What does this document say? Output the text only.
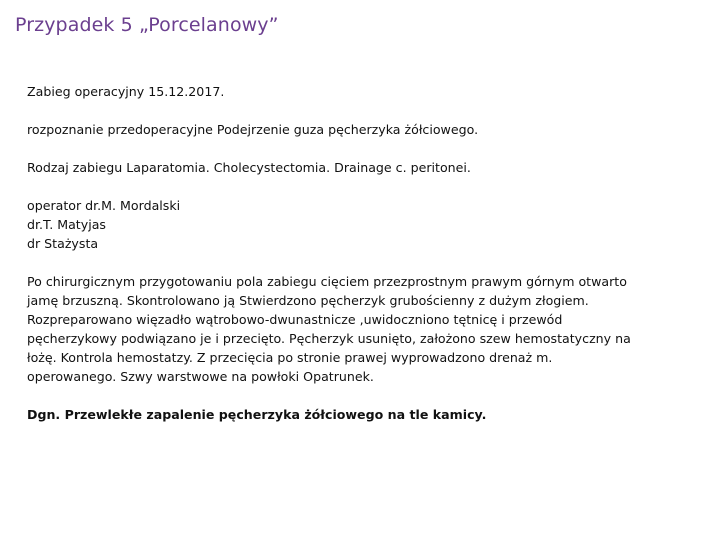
Przypadek 5 „Porcelanowy”

Zabieg operacyjny 15.12.2017.

rozpoznanie przedoperacyjne Podejrzenie guza pęcherzyka żółciowego.

Rodzaj zabiegu Laparatomia. Cholecystectomia. Drainage c. peritonei.

operator dr.M. Mordalski
dr.T. Matyjas
dr Stażysta
Po chirurgicznym przygotowaniu pola zabiegu cięciem przezprostnym prawym górnym otwarto
jamę brzuszną. Skontrolowano ją Stwierdzono pęcherzyk grubościenny z dużym złogiem.
Rozpreparowano więzadło wątrobowo-dwunastnicze ,uwidoczniono tętnicę i przewód
pęcherzykowy podwiązano je i przecięto. Pęcherzyk usunięto, założono szew hemostatyczny na
łożę. Kontrola hemostatzy. Z przecięcia po stronie prawej wyprowadzono drenaż m.
operowanego. Szwy warstwowe na powłoki Opatrunek.

Dgn. Przewlekłe zapalenie pęcherzyka żółciowego na tle kamicy.
